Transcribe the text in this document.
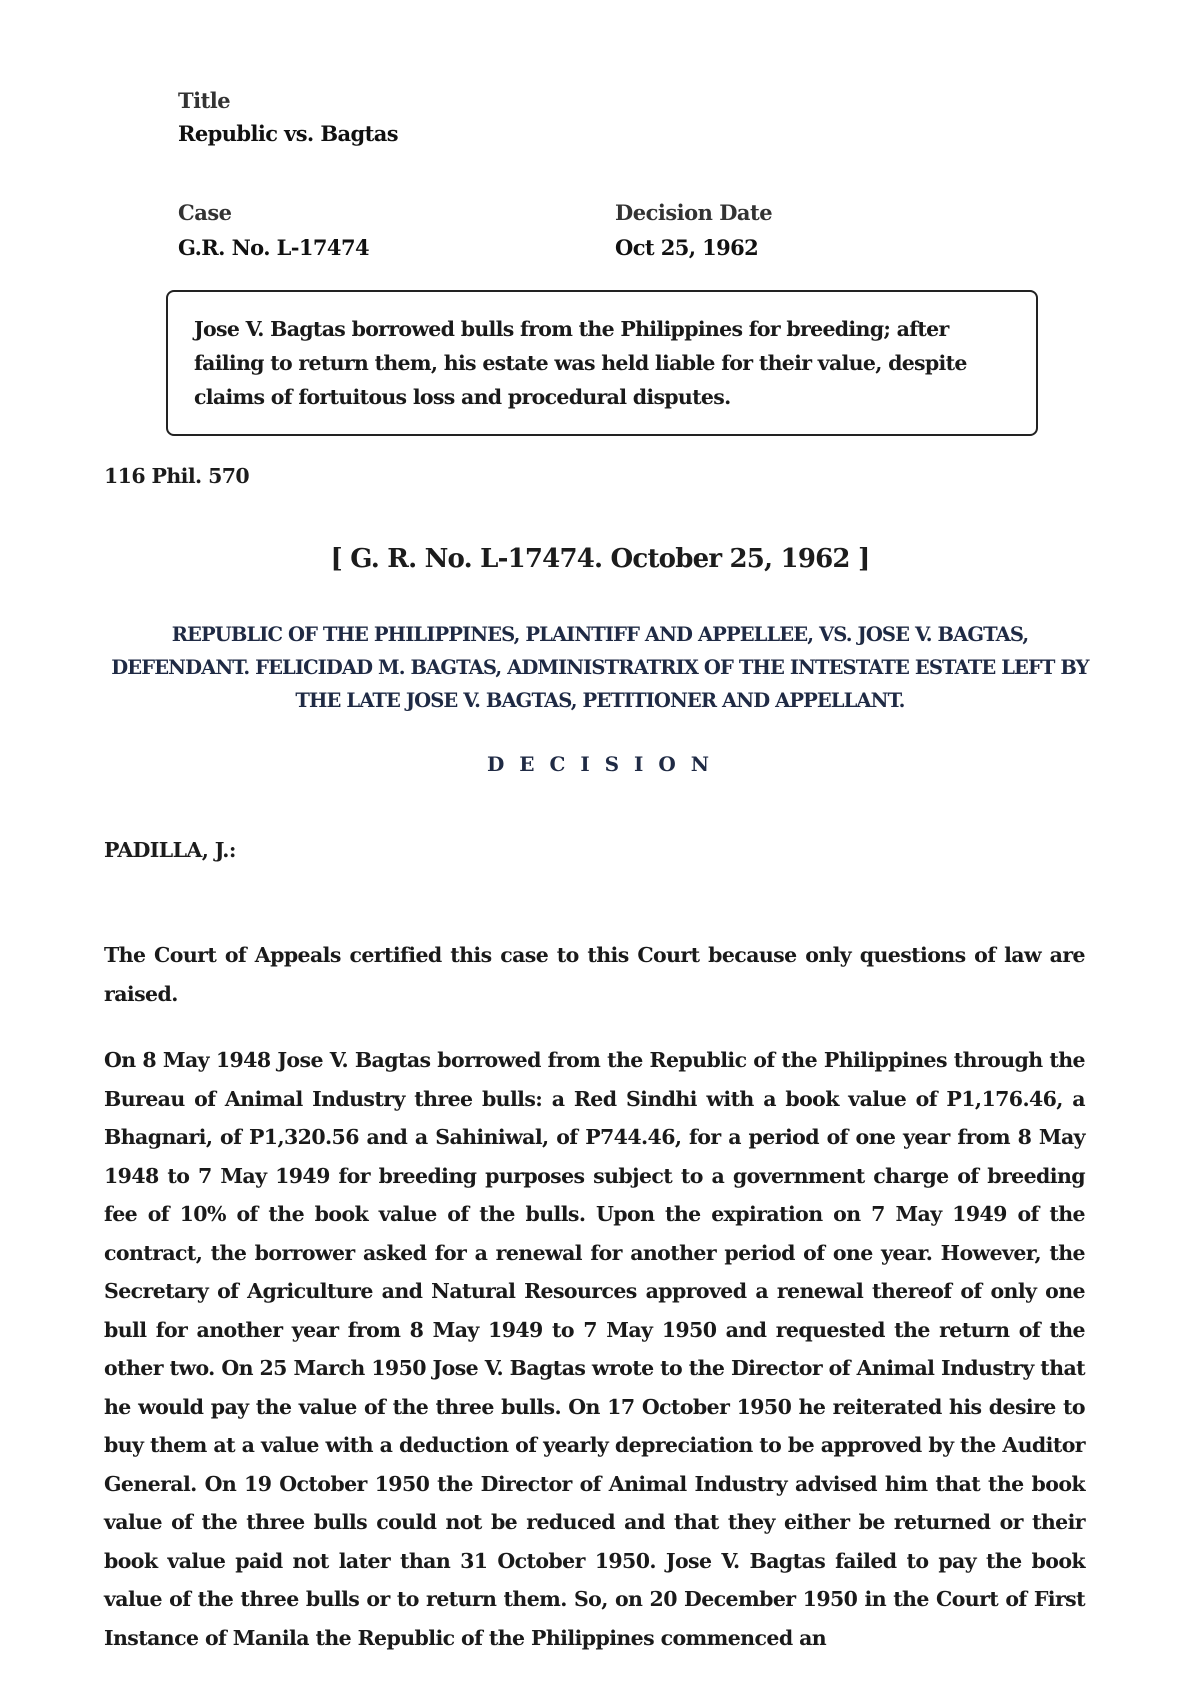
Title
Republic vs. Bagtas
Case
G.R. No. L-17474
Decision Date
Oct 25, 1962
Jose V. Bagtas borrowed bulls from the Philippines for breeding; after failing to return them, his estate was held liable for their value, despite claims of fortuitous loss and procedural disputes.
116 Phil. 570
[ G. R. No. L-17474. October 25, 1962 ]
REPUBLIC OF THE PHILIPPINES, PLAINTIFF AND APPELLEE, VS. JOSE V. BAGTAS, DEFENDANT. FELICIDAD M. BAGTAS, ADMINISTRATRIX OF THE INTESTATE ESTATE LEFT BY THE LATE JOSE V. BAGTAS, PETITIONER AND APPELLANT.
D E C I S I O N
PADILLA, J.:

The Court of Appeals certified this case to this Court because only questions of law are raised.

On 8 May 1948 Jose V. Bagtas borrowed from the Republic of the Philippines through the Bureau of Animal Industry three bulls: a Red Sindhi with a book value of P1,176.46, a Bhagnari, of P1,320.56 and a Sahiniwal, of P744.46, for a period of one year from 8 May 1948 to 7 May 1949 for breeding purposes subject to a government charge of breeding fee of 10% of the book value of the bulls. Upon the expiration on 7 May 1949 of the contract, the borrower asked for a renewal for another period of one year. However, the Secretary of Agriculture and Natural Resources approved a renewal thereof of only one bull for another year from 8 May 1949 to 7 May 1950 and requested the return of the other two. On 25 March 1950 Jose V. Bagtas wrote to the Director of Animal Industry that he would pay the value of the three bulls. On 17 October 1950 he reiterated his desire to buy them at a value with a deduction of yearly depreciation to be approved by the Auditor General. On 19 October 1950 the Director of Animal Industry advised him that the book value of the three bulls could not be reduced and that they either be returned or their book value paid not later than 31 October 1950. Jose V. Bagtas failed to pay the book value of the three bulls or to return them. So, on 20 December 1950 in the Court of First Instance of Manila the Republic of the Philippines commenced an
